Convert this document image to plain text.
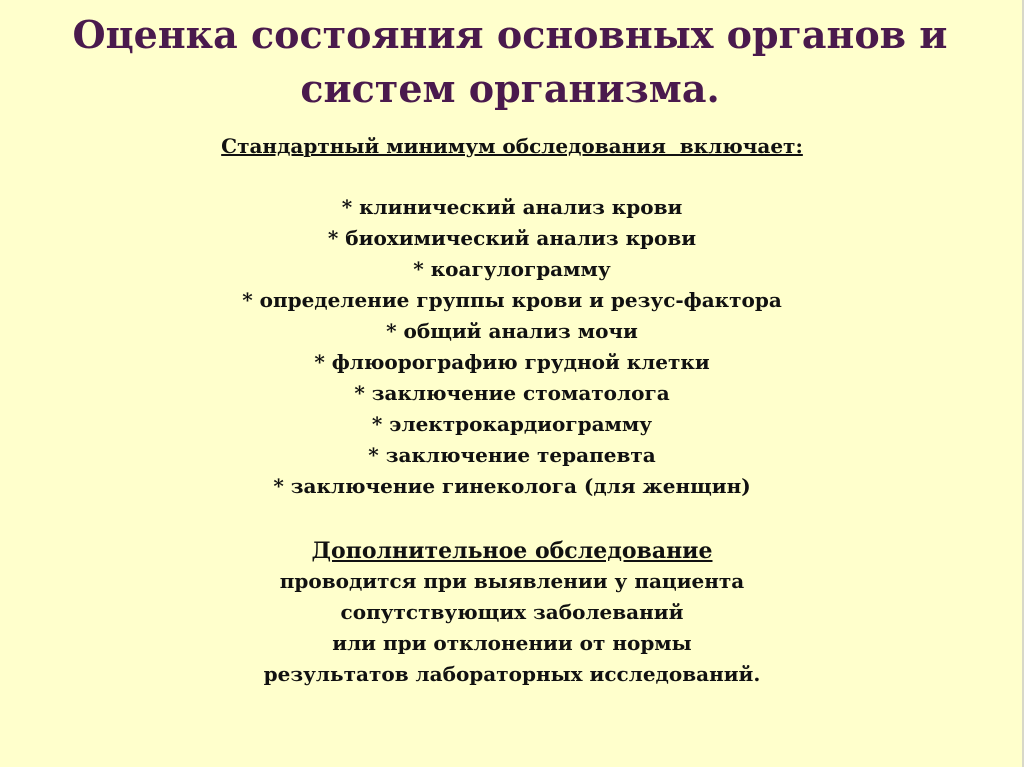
Оценка состояния основных органов и систем организма.
Стандартный минимум обследования  включает:
* клинический анализ крови
* биохимический анализ крови
* коагулограмму
* определение группы крови и резус-фактора
* общий анализ мочи
* флюорографию грудной клетки
* заключение стоматолога
* электрокардиограмму
* заключение терапевта
* заключение гинеколога (для женщин)
Дополнительное обследование
проводится при выявлении у пациента
сопутствующих заболеваний
или при отклонении от нормы
результатов лабораторных исследований.
